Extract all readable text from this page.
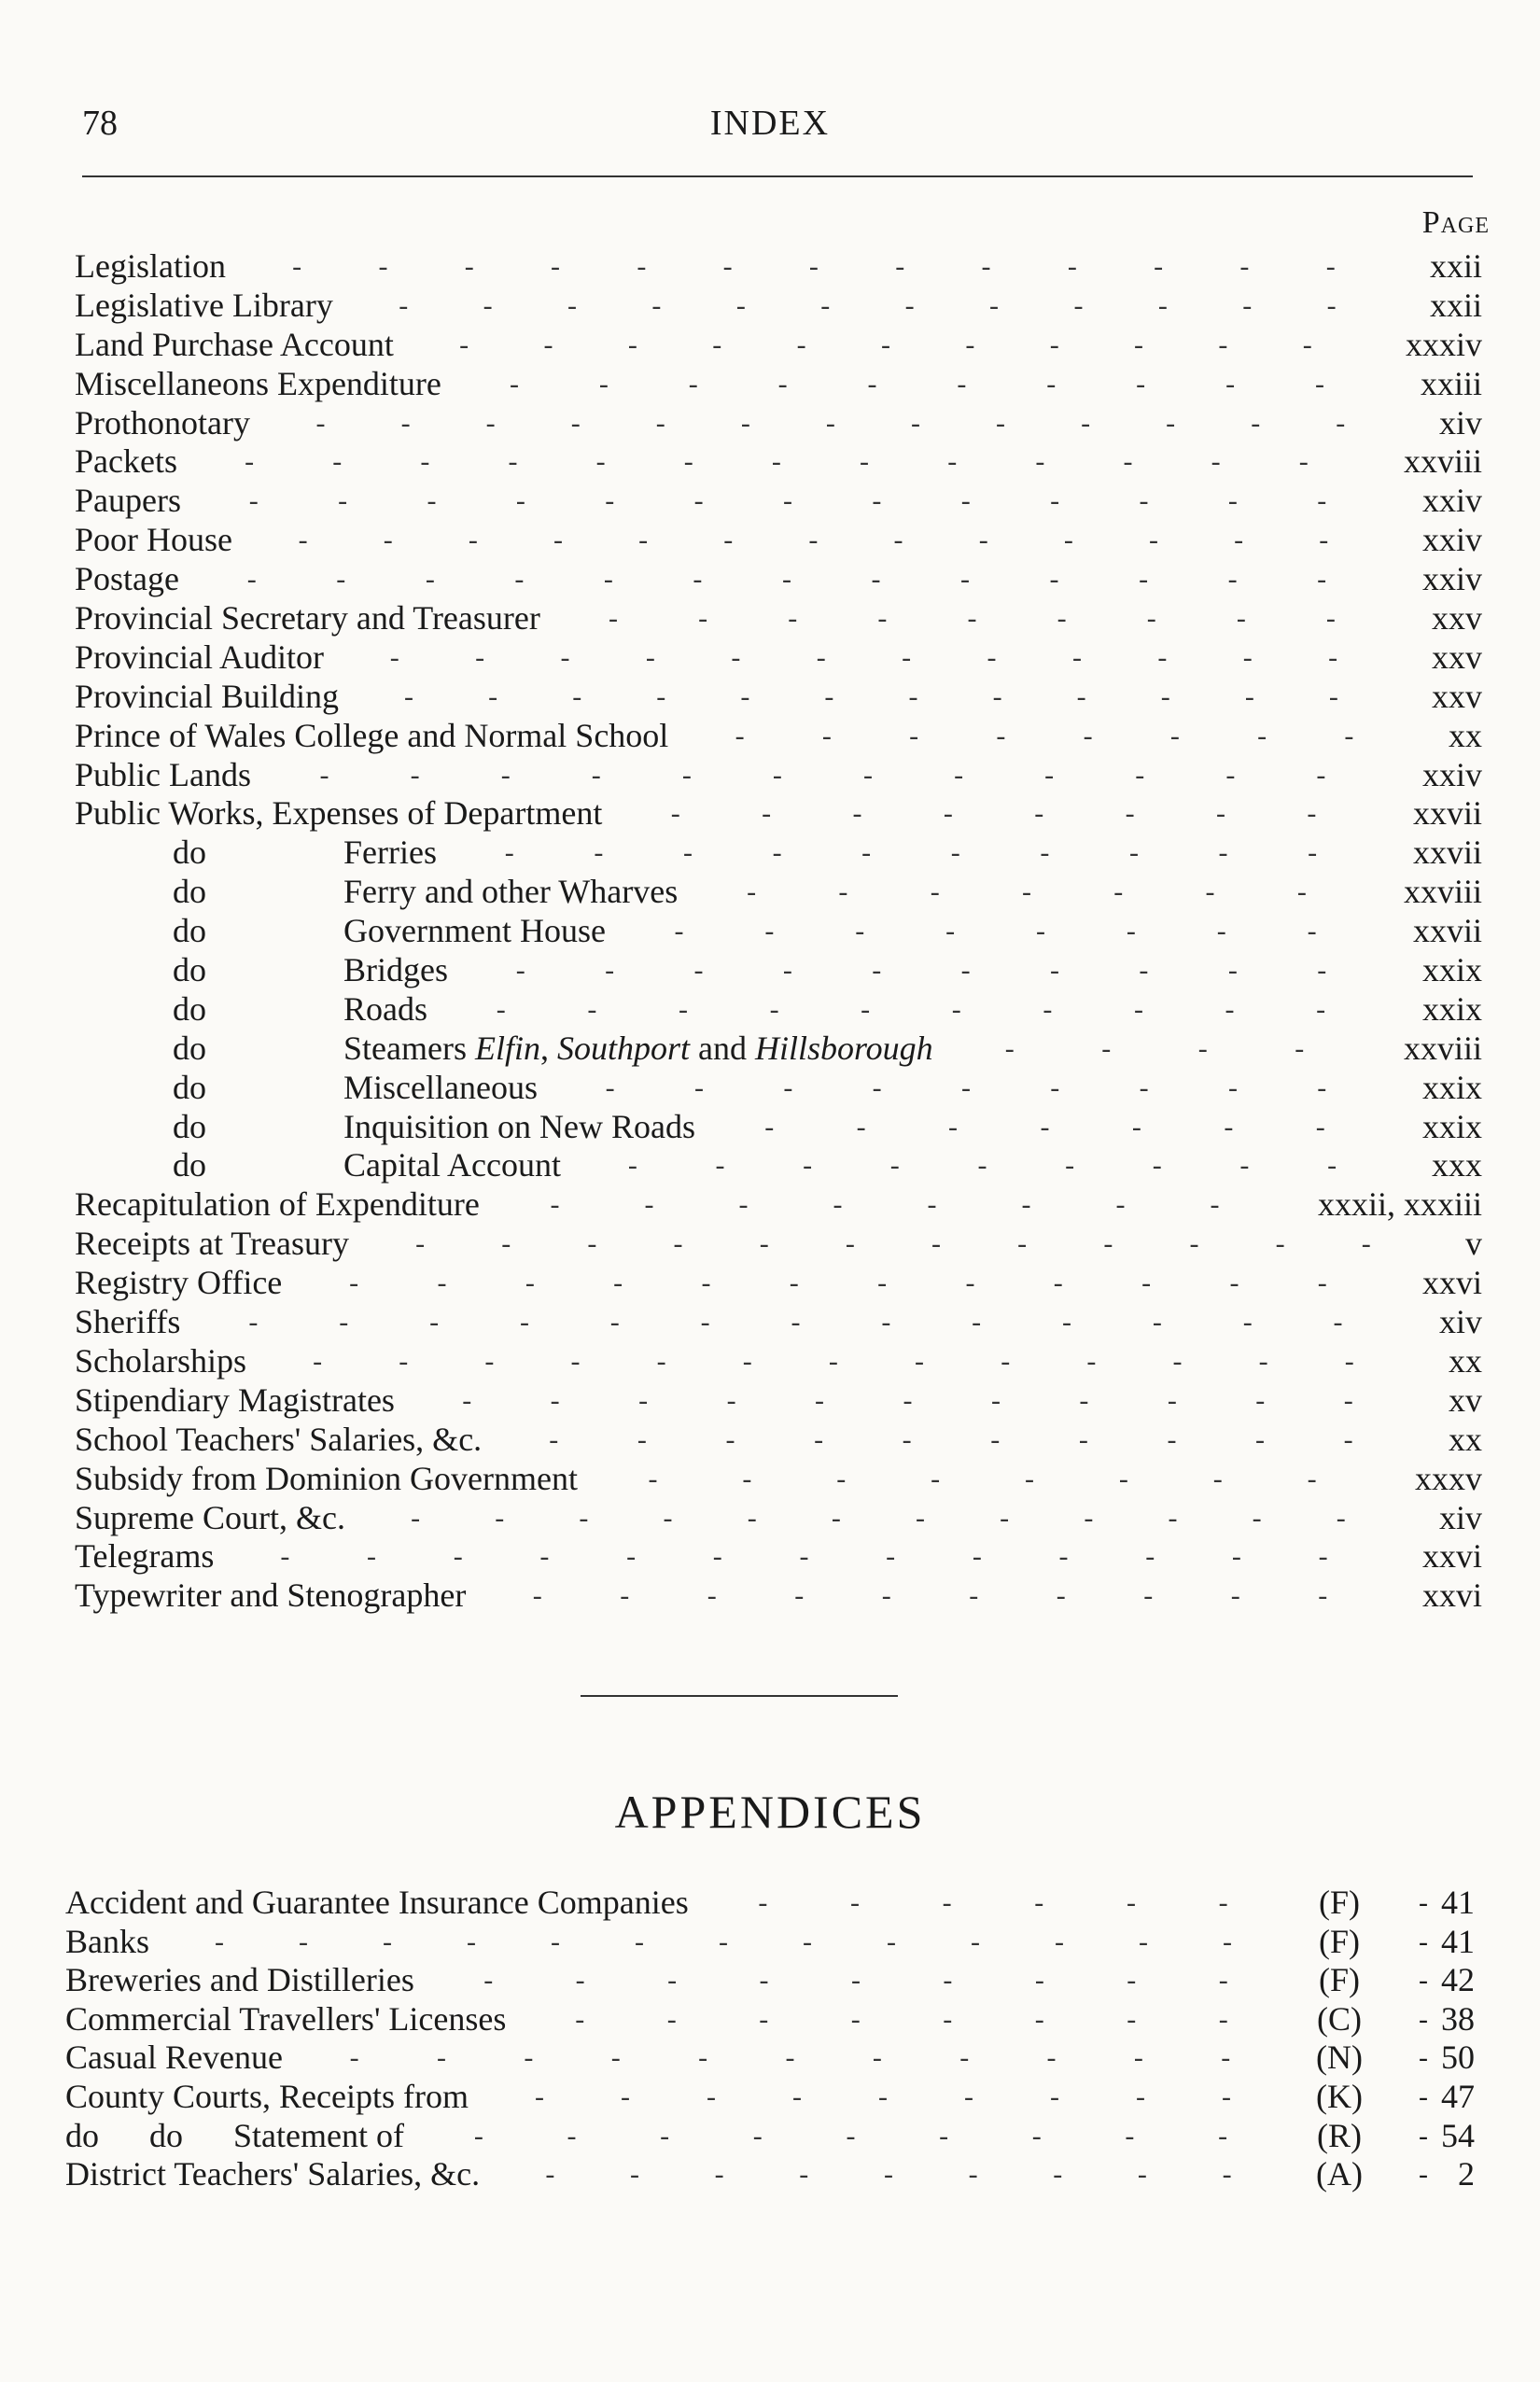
78	INDEX
Page
Legislation	xxii
-	-	-	-	-	-	-	-	-	-	-	-	-
Legislative Library	xxii
-	-	-	-	-	-	-	-	-	-	-	-
Land Purchase Account	xxxiv
-	-	-	-	-	-	-	-	-	-	-
Miscellaneons Expenditure	xxiii
-	-	-	-	-	-	-	-	-	-
Prothonotary	xiv
-	-	-	-	-	-	-	-	-	-	-	-	-
Packets	xxviii
-	-	-	-	-	-	-	-	-	-	-	-	-
Paupers	xxiv
-	-	-	-	-	-	-	-	-	-	-	-	-
Poor House	xxiv
-	-	-	-	-	-	-	-	-	-	-	-	-
Postage	xxiv
-	-	-	-	-	-	-	-	-	-	-	-	-
Provincial Secretary and Treasurer	xxv
-	-	-	-	-	-	-	-	-
Provincial Auditor	xxv
-	-	-	-	-	-	-	-	-	-	-	-
Provincial Building	xxv
-	-	-	-	-	-	-	-	-	-	-	-
Prince of Wales College and Normal School	xx
-	-	-	-	-	-	-	-
Public Lands	xxiv
-	-	-	-	-	-	-	-	-	-	-	-
Public Works, Expenses of Department	xxvii
-	-	-	-	-	-	-	-
do	Ferries	xxvii
-	-	-	-	-	-	-	-	-	-
do	Ferry and other Wharves	xxviii
-	-	-	-	-	-	-
do	Government House	xxvii
-	-	-	-	-	-	-	-
do	Bridges	xxix
-	-	-	-	-	-	-	-	-	-
do	Roads	xxix
-	-	-	-	-	-	-	-	-	-
do	Steamers Elfin, Southport and Hillsborough	xxviii
-	-	-	-
do	Miscellaneous	xxix
-	-	-	-	-	-	-	-	-
do	Inquisition on New Roads	xxix
-	-	-	-	-	-	-
do	Capital Account	xxx
-	-	-	-	-	-	-	-	-
Recapitulation of Expenditure	xxxii, xxxiii
-	-	-	-	-	-	-	-
Receipts at Treasury	v
-	-	-	-	-	-	-	-	-	-	-	-
Registry Office	xxvi
-	-	-	-	-	-	-	-	-	-	-	-
Sheriffs	xiv
-	-	-	-	-	-	-	-	-	-	-	-	-
Scholarships	xx
-	-	-	-	-	-	-	-	-	-	-	-	-
Stipendiary Magistrates	xv
-	-	-	-	-	-	-	-	-	-	-
School Teachers' Salaries, &c.	xx
-	-	-	-	-	-	-	-	-	-
Subsidy from Dominion Government	xxxv
-	-	-	-	-	-	-	-
Supreme Court, &c.	xiv
-	-	-	-	-	-	-	-	-	-	-	-
Telegrams	xxvi
-	-	-	-	-	-	-	-	-	-	-	-	-
Typewriter and Stenographer	xxvi
-	-	-	-	-	-	-	-	-	-
APPENDICES
Accident and Guarantee Insurance Companies	(F)	- 41
-	-	-	-	-	-
Banks	(F)	- 41
-	-	-	-	-	-	-	-	-	-	-	-	-
Breweries and Distilleries	(F)	- 42
-	-	-	-	-	-	-	-	-
Commercial Travellers' Licenses	(C)	- 38
-	-	-	-	-	-	-	-
Casual Revenue	(N)	- 50
-	-	-	-	-	-	-	-	-	-	-
County Courts, Receipts from	(K)	- 47
-	-	-	-	-	-	-	-	-
do      do      Statement of	(R)	- 54
-	-	-	-	-	-	-	-	-
District Teachers' Salaries, &c.	(A)	- 2
-	-	-	-	-	-	-	-	-
